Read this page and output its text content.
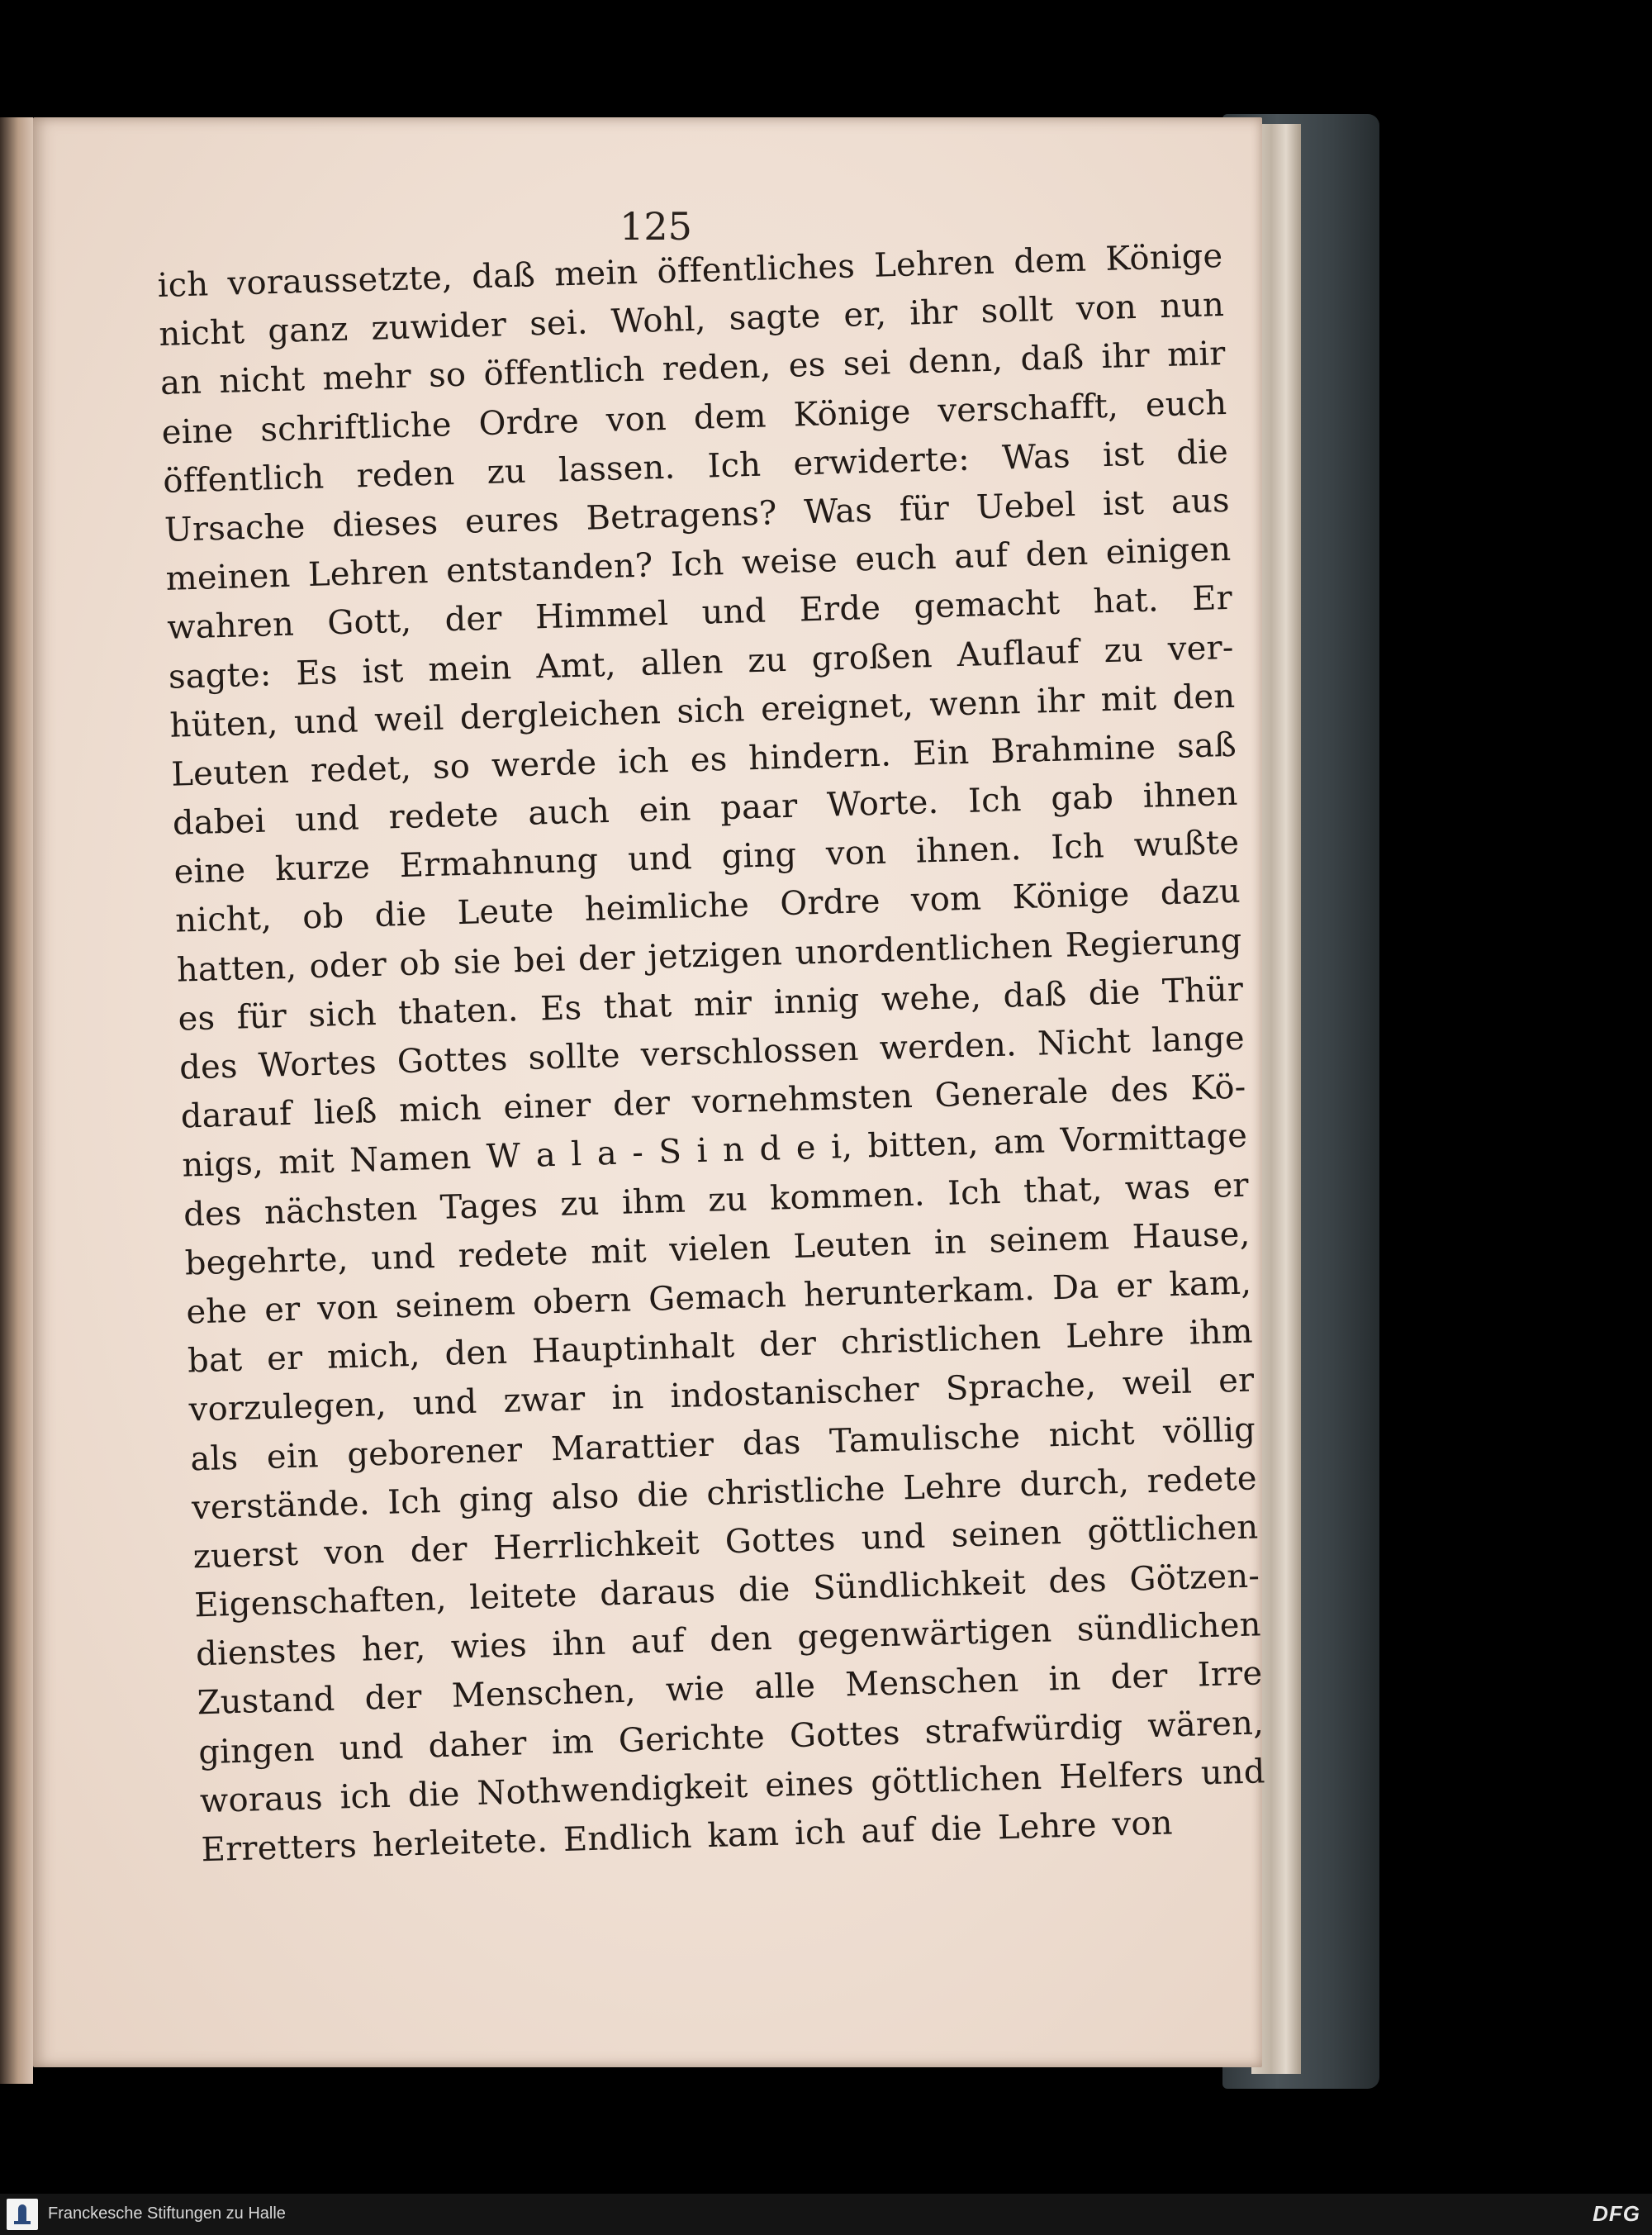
125
ich voraussetzte, daß mein öffentliches Lehren dem Könige
nicht ganz zuwider sei. Wohl, sagte er, ihr sollt von nun
an nicht mehr so öffentlich reden, es sei denn, daß ihr mir
eine schriftliche Ordre von dem Könige verschafft, euch
öffentlich reden zu lassen. Ich erwiderte: Was ist die
Ursache dieses eures Betragens? Was für Uebel ist aus
meinen Lehren entstanden? Ich weise euch auf den einigen
wahren Gott, der Himmel und Erde gemacht hat. Er
sagte: Es ist mein Amt, allen zu großen Auflauf zu ver-
hüten, und weil dergleichen sich ereignet, wenn ihr mit den
Leuten redet, so werde ich es hindern. Ein Brahmine saß
dabei und redete auch ein paar Worte. Ich gab ihnen
eine kurze Ermahnung und ging von ihnen. Ich wußte
nicht, ob die Leute heimliche Ordre vom Könige dazu
hatten, oder ob sie bei der jetzigen unordentlichen Regierung
es für sich thaten. Es that mir innig wehe, daß die Thür
des Wortes Gottes sollte verschlossen werden. Nicht lange
darauf ließ mich einer der vornehmsten Generale des Kö-
nigs, mit Namen W a l a - S i n d e i, bitten, am Vormittage
des nächsten Tages zu ihm zu kommen. Ich that, was er
begehrte, und redete mit vielen Leuten in seinem Hause,
ehe er von seinem obern Gemach herunterkam. Da er kam,
bat er mich, den Hauptinhalt der christlichen Lehre ihm
vorzulegen, und zwar in indostanischer Sprache, weil er
als ein geborener Marattier das Tamulische nicht völlig
verstände. Ich ging also die christliche Lehre durch, redete
zuerst von der Herrlichkeit Gottes und seinen göttlichen
Eigenschaften, leitete daraus die Sündlichkeit des Götzen-
dienstes her, wies ihn auf den gegenwärtigen sündlichen
Zustand der Menschen, wie alle Menschen in der Irre
gingen und daher im Gerichte Gottes strafwürdig wären,
woraus ich die Nothwendigkeit eines göttlichen Helfers und
Erretters herleitete. Endlich kam ich auf die Lehre von
Franckesche Stiftungen zu Halle	DFG
